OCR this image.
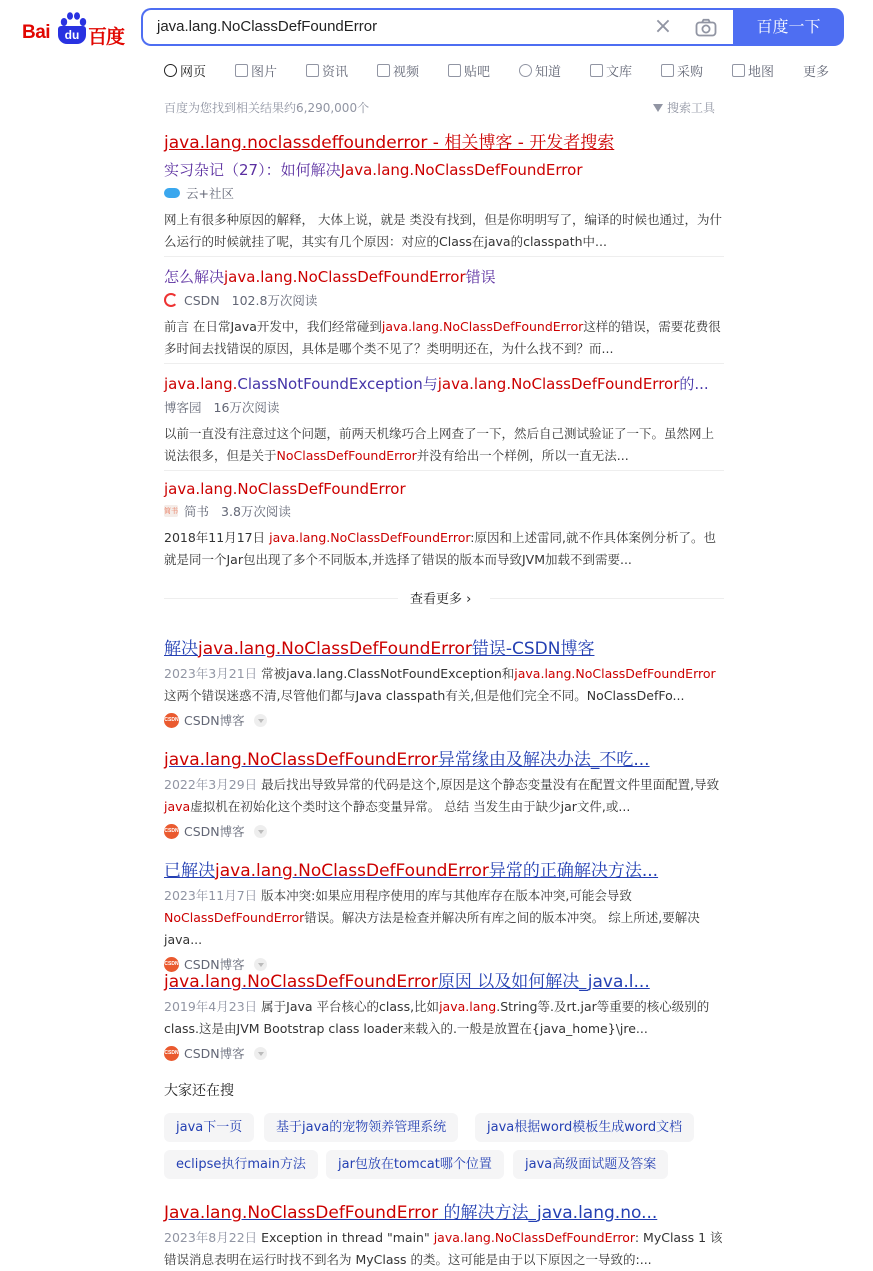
Bai	du 百度 java.lang.NoClassDefFoundError	×	百度一下
网页	图片	资讯	视频	贴吧	知道	文库	采购	地图 更多
百度为您找到相关结果约6,290,000个	搜索工具
java.lang.noclassdeffounderror - 相关博客 - 开发者搜索
实习杂记（27）：如何解决Java.lang.NoClassDefFoundError
云+社区
网上有很多种原因的解释， 大体上说，就是 类没有找到，但是你明明写了，编译的时候也通过，为什么运行的时候就挂了呢，其实有几个原因：对应的Class在java的classpath中...
怎么解决java.lang.NoClassDefFoundError错误
CSDN 102.8万次阅读
前言 在日常Java开发中，我们经常碰到java.lang.NoClassDefFoundError这样的错误，需要花费很多时间去找错误的原因，具体是哪个类不见了？类明明还在，为什么找不到？而...
java.lang.ClassNotFoundException与java.lang.NoClassDefFoundError的...
博客园 16万次阅读
以前一直没有注意过这个问题，前两天机缘巧合上网查了一下，然后自己测试验证了一下。虽然网上说法很多，但是关于NoClassDefFoundError并没有给出一个样例，所以一直无法...
java.lang.NoClassDefFoundError
简书 简书 3.8万次阅读
2018年11月17日 java.lang.NoClassDefFoundError:原因和上述雷同,就不作具体案例分析了。也就是同一个Jar包出现了多个不同版本,并选择了错误的版本而导致JVM加载不到需要...
查看更多 ›
解决java.lang.NoClassDefFoundError错误-CSDN博客
2023年3月21日 常被java.lang.ClassNotFoundException和java.lang.NoClassDefFoundError这两个错误迷惑不清,尽管他们都与Java classpath有关,但是他们完全不同。NoClassDefFo...
CSDN CSDN博客
java.lang.NoClassDefFoundError异常缘由及解决办法_不吃...
2022年3月29日 最后找出导致异常的代码是这个,原因是这个静态变量没有在配置文件里面配置,导致java虚拟机在初始化这个类时这个静态变量异常。 总结 当发生由于缺少jar文件,或...
CSDN CSDN博客
已解决java.lang.NoClassDefFoundError异常的正确解决方法...
2023年11月7日 版本冲突:如果应用程序使用的库与其他库存在版本冲突,可能会导致NoClassDefFoundError错误。解决方法是检查并解决所有库之间的版本冲突。 综上所述,要解决java...
CSDN CSDN博客
java.lang.NoClassDefFoundError原因 以及如何解决_java.l...
2019年4月23日 属于Java 平台核心的class,比如java.lang.String等.及rt.jar等重要的核心级别的class.这是由JVM Bootstrap class loader来载入的.一般是放置在{java_home}\jre...
CSDN CSDN博客
大家还在搜
java下一页	基于java的宠物领养管理系统	java根据word模板生成word文档
eclipse执行main方法	jar包放在tomcat哪个位置	java高级面试题及答案
Java.lang.NoClassDefFoundError 的解决方法_java.lang.no...
2023年8月22日 Exception in thread "main" java.lang.NoClassDefFoundError: MyClass 1 该错误消息表明在运行时找不到名为 MyClass 的类。这可能是由于以下原因之一导致的:...
